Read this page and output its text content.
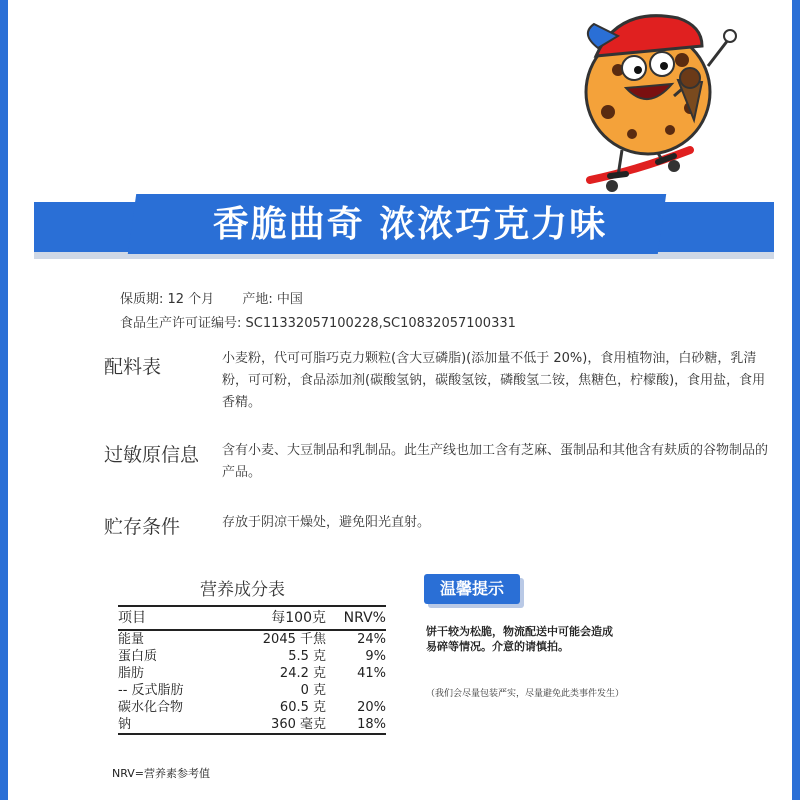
香脆曲奇 浓浓巧克力味
保质期: 12 个月 产地: 中国
食品生产许可证编号: SC11332057100228,SC10832057100331
配料表	小麦粉，代可可脂巧克力颗粒(含大豆磷脂)(添加量不低于 20%)，食用植物油，白砂糖，乳清粉，可可粉，食品添加剂(碳酸氢钠，碳酸氢铵，磷酸氢二铵，焦糖色，柠檬酸)，食用盐，食用香精。
过敏原信息 含有小麦、大豆制品和乳制品。此生产线也加工含有芝麻、蛋制品和其他含有麸质的谷物制品的产品。
贮存条件	存放于阴凉干燥处，避免阳光直射。
营养成分表
项目	每100克	NRV%
能量	2045 千焦	24%
蛋白质	5.5 克	9%
脂肪	24.2 克	41%
-- 反式脂肪	0 克
碳水化合物	60.5 克	20%
钠	360 毫克	18%
NRV=营养素参考值
温馨提示
饼干较为松脆，物流配送中可能会造成易碎等情况。介意的请慎拍。
（我们会尽量包装严实，尽量避免此类事件发生）
